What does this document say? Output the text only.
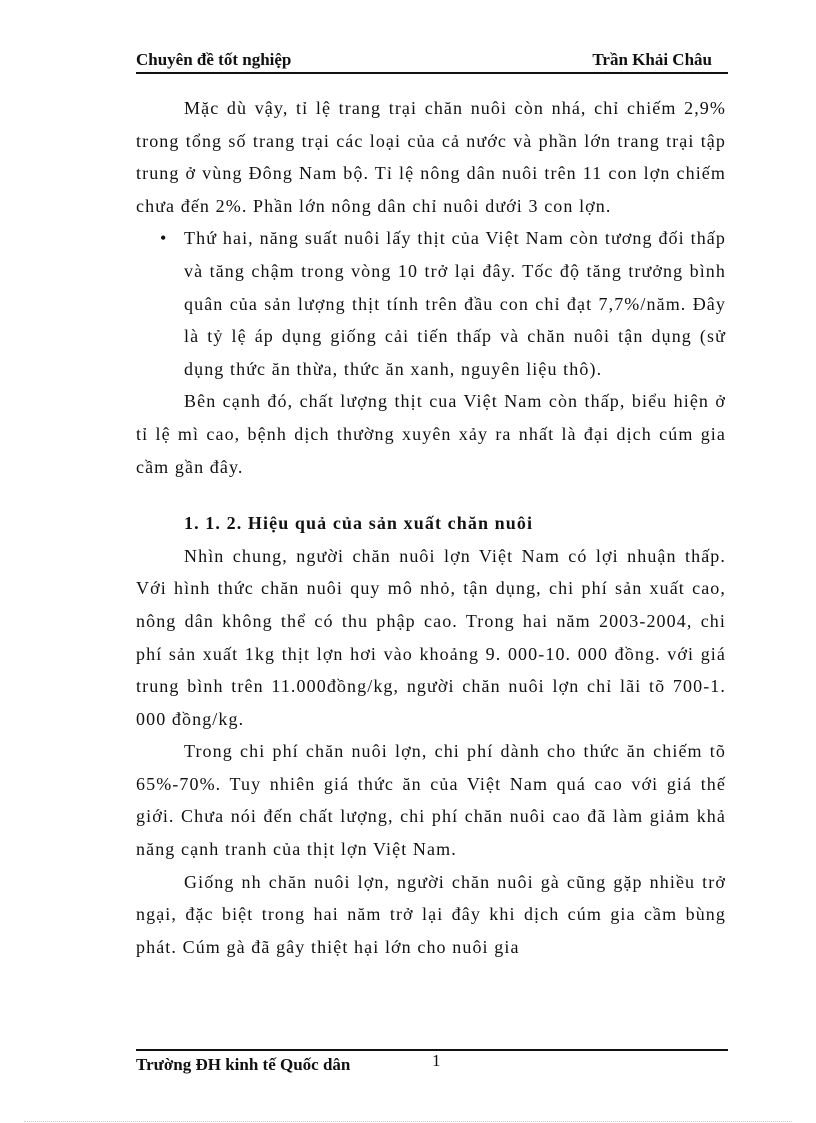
Chuyên đề tốt nghiệp	Trần Khải Châu

Mặc dù vậy, tỉ lệ trang trại chăn nuôi còn nhá, chỉ chiếm 2,9% trong tổng số trang trại các loại của cả nước và phần lớn trang trại tập trung ở vùng Đông Nam bộ. Tỉ lệ nông dân nuôi trên 11 con lợn chiếm chưa đến 2%. Phần lớn nông dân chỉ nuôi dưới 3 con lợn.

• Thứ hai, năng suất nuôi lấy thịt của Việt Nam còn tương đối thấp và tăng chậm trong vòng 10 trở lại đây. Tốc độ tăng trưởng bình quân của sản lượng thịt tính trên đầu con chỉ đạt 7,7%/năm. Đây là tỷ lệ áp dụng giống cải tiến thấp và chăn nuôi tận dụng (sử dụng thức ăn thừa, thức ăn xanh, nguyên liệu thô).

Bên cạnh đó, chất lượng thịt cua Việt Nam còn thấp, biểu hiện ở tỉ lệ mì cao, bệnh dịch thường xuyên xảy ra nhất là đại dịch cúm gia cầm gần đây.

1. 1. 2. Hiệu quả của sản xuất chăn nuôi

Nhìn chung, người chăn nuôi lợn Việt Nam có lợi nhuận thấp. Với hình thức chăn nuôi quy mô nhỏ, tận dụng, chi phí sản xuất cao, nông dân không thể có thu phập cao. Trong hai năm 2003-2004, chi phí sản xuất 1kg thịt lợn hơi vào khoảng 9. 000-10. 000 đồng. với giá trung bình trên 11.000đồng/kg, người chăn nuôi lợn chỉ lãi tõ 700-1. 000 đồng/kg.

Trong chi phí chăn nuôi lợn, chi phí dành cho thức ăn chiếm tõ 65%-70%. Tuy nhiên giá thức ăn của Việt Nam quá cao với giá thế giới. Chưa nói đến chất lượng, chi phí chăn nuôi cao đã làm giảm khả năng cạnh tranh của thịt lợn Việt Nam.

Giống nh chăn nuôi lợn, người chăn nuôi gà cũng gặp nhiều trở ngại, đặc biệt trong hai năm trở lại đây khi dịch cúm gia cầm bùng phát. Cúm gà đã gây thiệt hại lớn cho nuôi gia

Trường ĐH kinh tế Quốc dân	1
